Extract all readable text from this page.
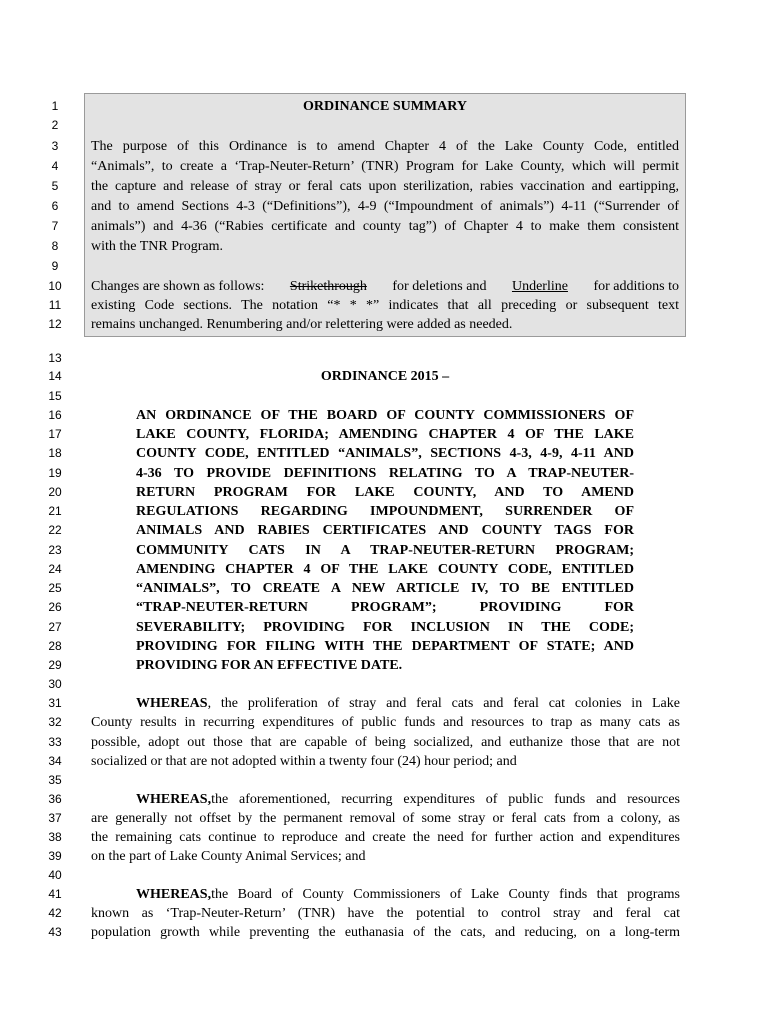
1
2
3
4
5
6
7
8
9
10
11
12
13
14
15
16
17
18
19
20
21
22
23
24
25
26
27
28
29
30
31
32
33
34
35
36
37
38
39
40
41
42
43
ORDINANCE SUMMARY
The purpose of this Ordinance is to amend Chapter 4 of the Lake County Code, entitled
“Animals”, to create a ‘Trap-Neuter-Return’ (TNR) Program for Lake County, which will permit
the capture and release of stray or feral cats upon sterilization, rabies vaccination and eartipping,
and to amend Sections 4-3 (“Definitions”), 4-9 (“Impoundment of animals”) 4-11 (“Surrender of
animals”) and 4-36 (“Rabies certificate and county tag”) of Chapter 4 to make them consistent
with the TNR Program.
Changes are shown as follows: Strikethrough for deletions and Underline for additions to
existing Code sections. The notation “* * *” indicates that all preceding or subsequent text
remains unchanged. Renumbering and/or relettering were added as needed.
ORDINANCE 2015 –
AN ORDINANCE OF THE BOARD OF COUNTY COMMISSIONERS OF
LAKE COUNTY, FLORIDA; AMENDING CHAPTER 4 OF THE LAKE
COUNTY CODE, ENTITLED “ANIMALS”, SECTIONS 4-3, 4-9, 4-11 AND
4-36 TO PROVIDE DEFINITIONS RELATING TO A TRAP-NEUTER-
RETURN PROGRAM FOR LAKE COUNTY, AND TO AMEND
REGULATIONS REGARDING IMPOUNDMENT, SURRENDER OF
ANIMALS AND RABIES CERTIFICATES AND COUNTY TAGS FOR
COMMUNITY CATS IN A TRAP-NEUTER-RETURN PROGRAM;
AMENDING CHAPTER 4 OF THE LAKE COUNTY CODE, ENTITLED
“ANIMALS”, TO CREATE A NEW ARTICLE IV, TO BE ENTITLED
“TRAP-NEUTER-RETURN PROGRAM”; PROVIDING FOR
SEVERABILITY; PROVIDING FOR INCLUSION IN THE CODE;
PROVIDING FOR FILING WITH THE DEPARTMENT OF STATE; AND
PROVIDING FOR AN EFFECTIVE DATE.
WHEREAS , the proliferation of stray and feral cats and feral cat colonies in Lake
County results in recurring expenditures of public funds and resources to trap as many cats as
possible, adopt out those that are capable of being socialized, and euthanize those that are not
socialized or that are not adopted within a twenty four (24) hour period; and
WHEREAS, the aforementioned, recurring expenditures of public funds and resources
are generally not offset by the permanent removal of some stray or feral cats from a colony, as
the remaining cats continue to reproduce and create the need for further action and expenditures
on the part of Lake County Animal Services; and
WHEREAS, the Board of County Commissioners of Lake County finds that programs
known as ‘Trap-Neuter-Return’ (TNR) have the potential to control stray and feral cat
population growth while preventing the euthanasia of the cats, and reducing, on a long-term
